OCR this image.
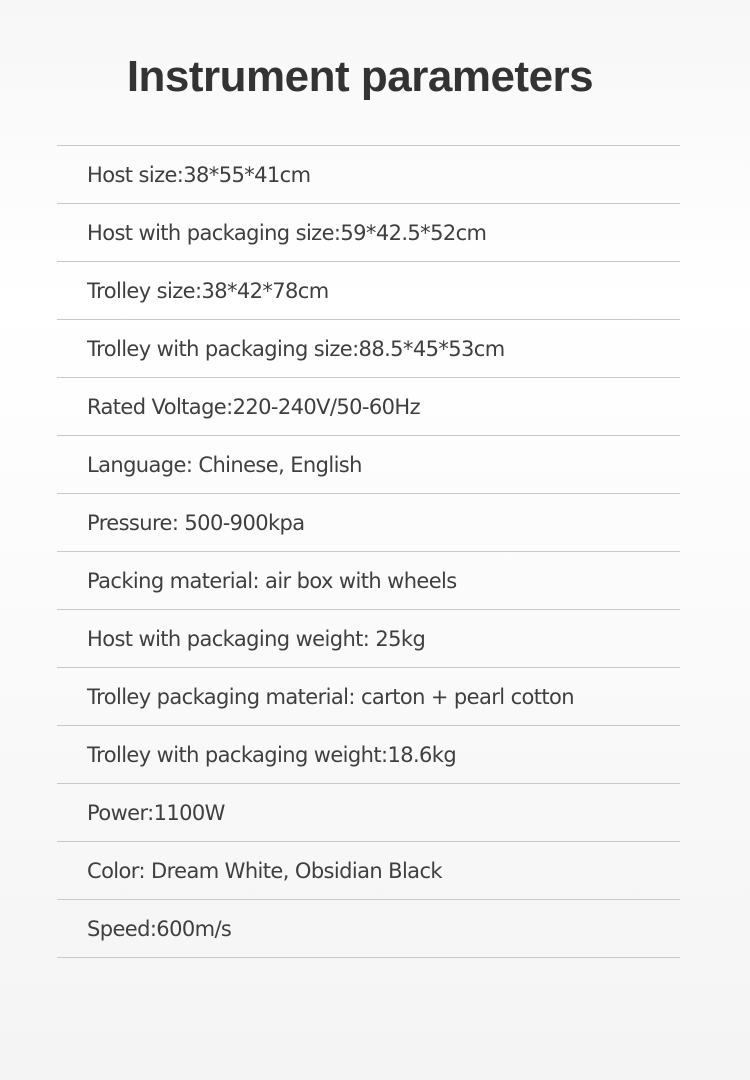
Instrument parameters
Host size:38*55*41cm
Host with packaging size:59*42.5*52cm
Trolley size:38*42*78cm
Trolley with packaging size:88.5*45*53cm
Rated Voltage:220-240V/50-60Hz
Language: Chinese, English
Pressure: 500-900kpa
Packing material: air box with wheels
Host with packaging weight: 25kg
Trolley packaging material: carton + pearl cotton
Trolley with packaging weight:18.6kg
Power:1100W
Color: Dream White, Obsidian Black
Speed:600m/s
